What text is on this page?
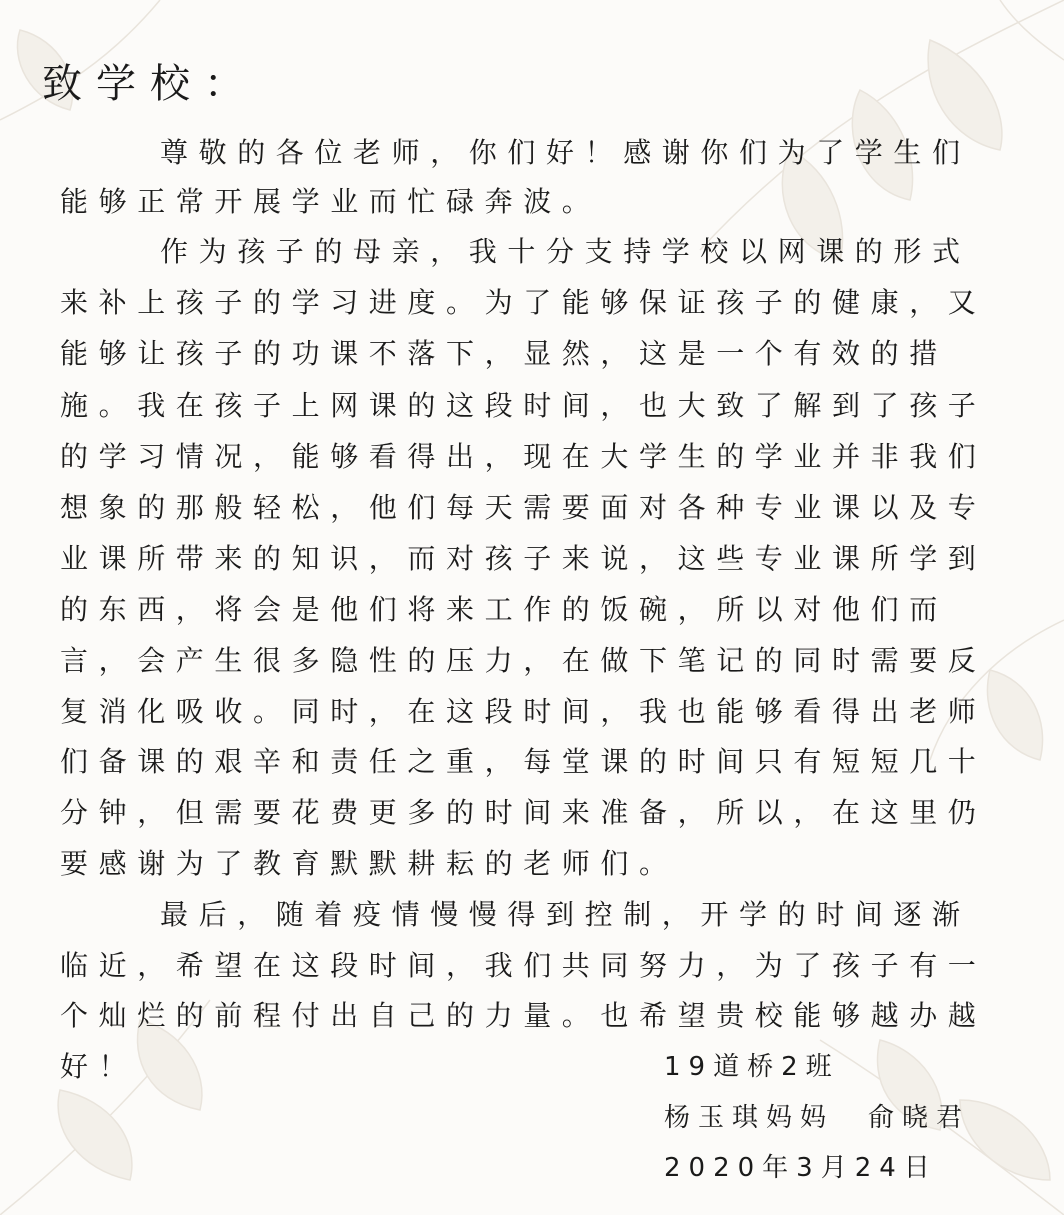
致学校：
尊敬的各位老师，你们好！感谢你们为了学生们
能够正常开展学业而忙碌奔波。
作为孩子的母亲，我十分支持学校以网课的形式
来补上孩子的学习进度。为了能够保证孩子的健康，又
能够让孩子的功课不落下，显然，这是一个有效的措
施。我在孩子上网课的这段时间，也大致了解到了孩子
的学习情况，能够看得出，现在大学生的学业并非我们
想象的那般轻松，他们每天需要面对各种专业课以及专
业课所带来的知识，而对孩子来说，这些专业课所学到
的东西，将会是他们将来工作的饭碗，所以对他们而
言，会产生很多隐性的压力，在做下笔记的同时需要反
复消化吸收。同时，在这段时间，我也能够看得出老师
们备课的艰辛和责任之重，每堂课的时间只有短短几十
分钟，但需要花费更多的时间来准备，所以，在这里仍
要感谢为了教育默默耕耘的老师们。
最后，随着疫情慢慢得到控制，开学的时间逐渐
临近，希望在这段时间，我们共同努力，为了孩子有一
个灿烂的前程付出自己的力量。也希望贵校能够越办越
好！	19道桥2班
杨玉琪妈妈　俞晓君
2020年3月24日
